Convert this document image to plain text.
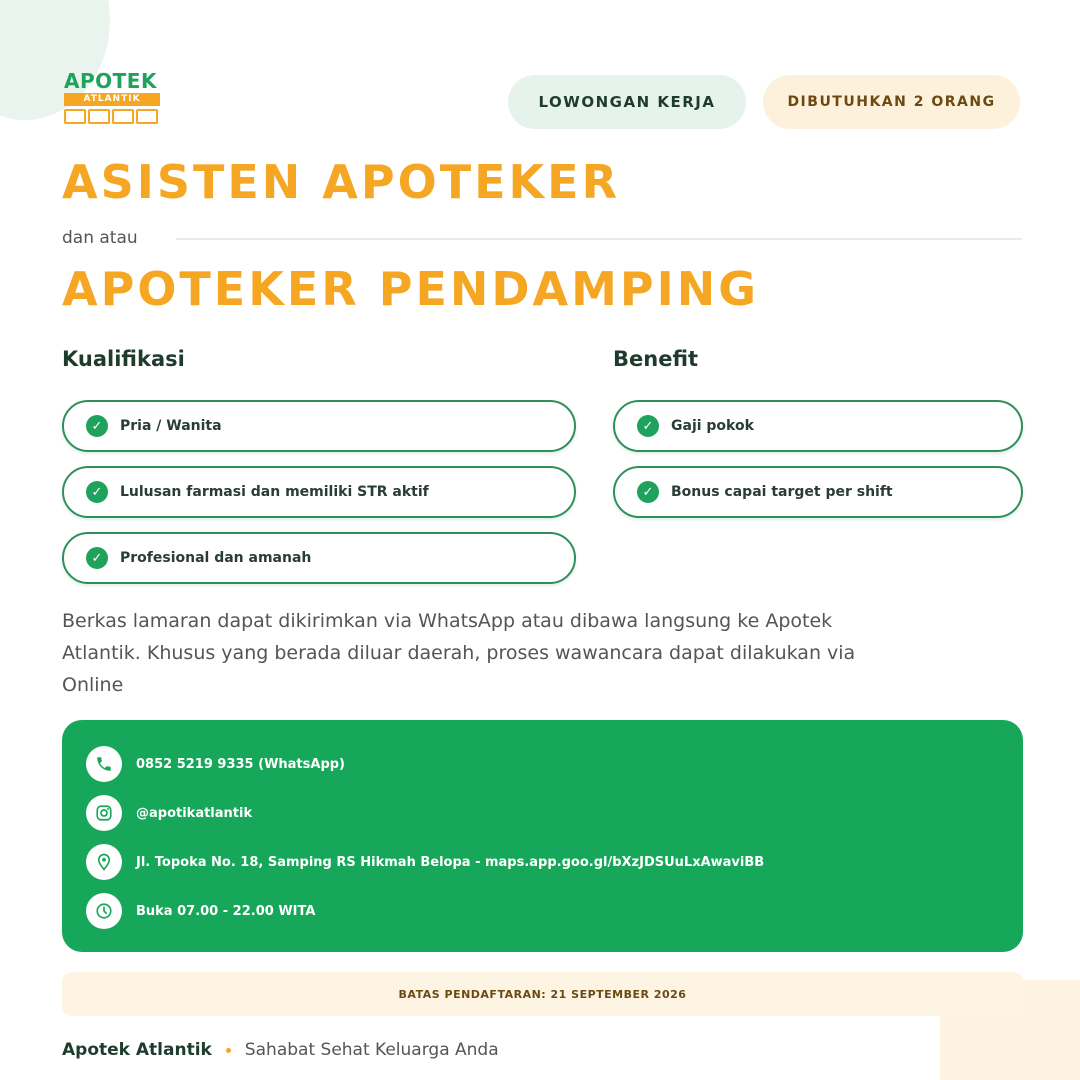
APOTEK
ATLANTIK	LOWONGAN KERJA	DIBUTUHKAN 2 ORANG
ASISTEN APOTEKER
dan atau
APOTEKER PENDAMPING
Kualifikasi	Benefit
✓	Pria / Wanita
✓	Lulusan farmasi dan memiliki STR aktif
✓	Profesional dan amanah
✓	Gaji pokok
✓	Bonus capai target per shift
Berkas lamaran dapat dikirimkan via WhatsApp atau dibawa langsung ke Apotek Atlantik. Khusus yang berada diluar daerah, proses wawancara dapat dilakukan via Online
0852 5219 9335 (WhatsApp)
@apotikatlantik
Jl. Topoka No. 18, Samping RS Hikmah Belopa - maps.app.goo.gl/bXzJDSUuLxAwaviBB
Buka 07.00 - 22.00 WITA
BATAS PENDAFTARAN: 21 SEPTEMBER 2026
Apotek Atlantik Sahabat Sehat Keluarga Anda
